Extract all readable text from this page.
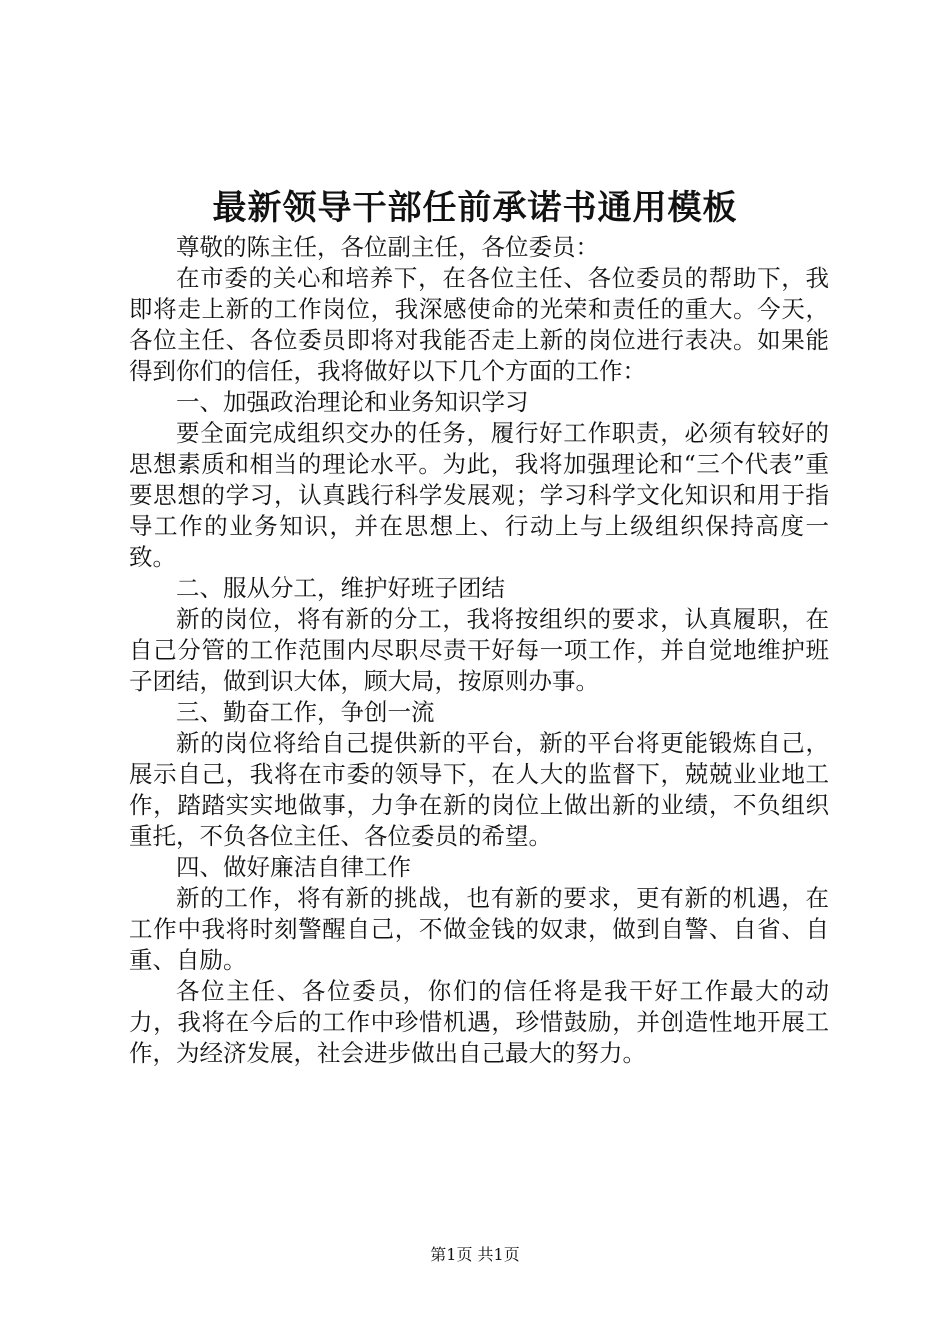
最新领导干部任前承诺书通用模板

尊敬的陈主任，各位副主任，各位委员：

在市委的关心和培养下，在各位主任、各位委员的帮助下，我即将走上新的工作岗位，我深感使命的光荣和责任的重大。今天，各位主任、各位委员即将对我能否走上新的岗位进行表决。如果能得到你们的信任，我将做好以下几个方面的工作：

一、加强政治理论和业务知识学习

要全面完成组织交办的任务，履行好工作职责，必须有较好的思想素质和相当的理论水平。为此，我将加强理论和“三个代表”重要思想的学习，认真践行科学发展观；学习科学文化知识和用于指导工作的业务知识，并在思想上、行动上与上级组织保持高度一致。

二、服从分工，维护好班子团结

新的岗位，将有新的分工，我将按组织的要求，认真履职，在自己分管的工作范围内尽职尽责干好每一项工作，并自觉地维护班子团结，做到识大体，顾大局，按原则办事。

三、勤奋工作，争创一流

新的岗位将给自己提供新的平台，新的平台将更能锻炼自己，展示自己，我将在市委的领导下，在人大的监督下，兢兢业业地工作，踏踏实实地做事，力争在新的岗位上做出新的业绩，不负组织重托，不负各位主任、各位委员的希望。

四、做好廉洁自律工作

新的工作，将有新的挑战，也有新的要求，更有新的机遇，在工作中我将时刻警醒自己，不做金钱的奴隶，做到自警、自省、自重、自励。

各位主任、各位委员，你们的信任将是我干好工作最大的动力，我将在今后的工作中珍惜机遇，珍惜鼓励，并创造性地开展工作，为经济发展，社会进步做出自己最大的努力。

第1页 共1页
